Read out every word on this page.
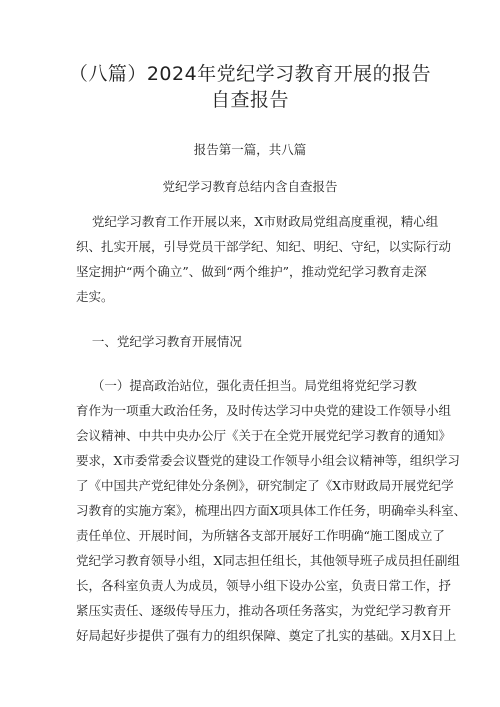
（八篇）2024年党纪学习教育开展的报告
自查报告
报告第一篇，共八篇
党纪学习教育总结内含自查报告
党纪学习教育工作开展以来，X市财政局党组高度重视，精心组
织、扎实开展，引导党员干部学纪、知纪、明纪、守纪，以实际行动
坚定拥护“两个确立”、做到“两个维护”，推动党纪学习教育走深
走实。
一、党纪学习教育开展情况
（一）提高政治站位，强化责任担当。局党组将党纪学习教
育作为一项重大政治任务，及时传达学习中央党的建设工作领导小组
会议精神、中共中央办公厅《关于在全党开展党纪学习教育的通知》
要求，X市委常委会议暨党的建设工作领导小组会议精神等，组织学习
了《中国共产党纪律处分条例》，研究制定了《X市财政局开展党纪学
习教育的实施方案》，梳理出四方面X项具体工作任务，明确牵头科室、
责任单位、开展时间，为所辖各支部开展好工作明确“施工图成立了
党纪学习教育领导小组，X同志担任组长，其他领导班子成员担任副组
长，各科室负责人为成员，领导小组下设办公室，负责日常工作，抒
紧压实责任、逐级传导压力，推动各项任务落实，为党纪学习教育开
好局起好步提供了强有力的组织保障、奠定了扎实的基础。X月X日上
